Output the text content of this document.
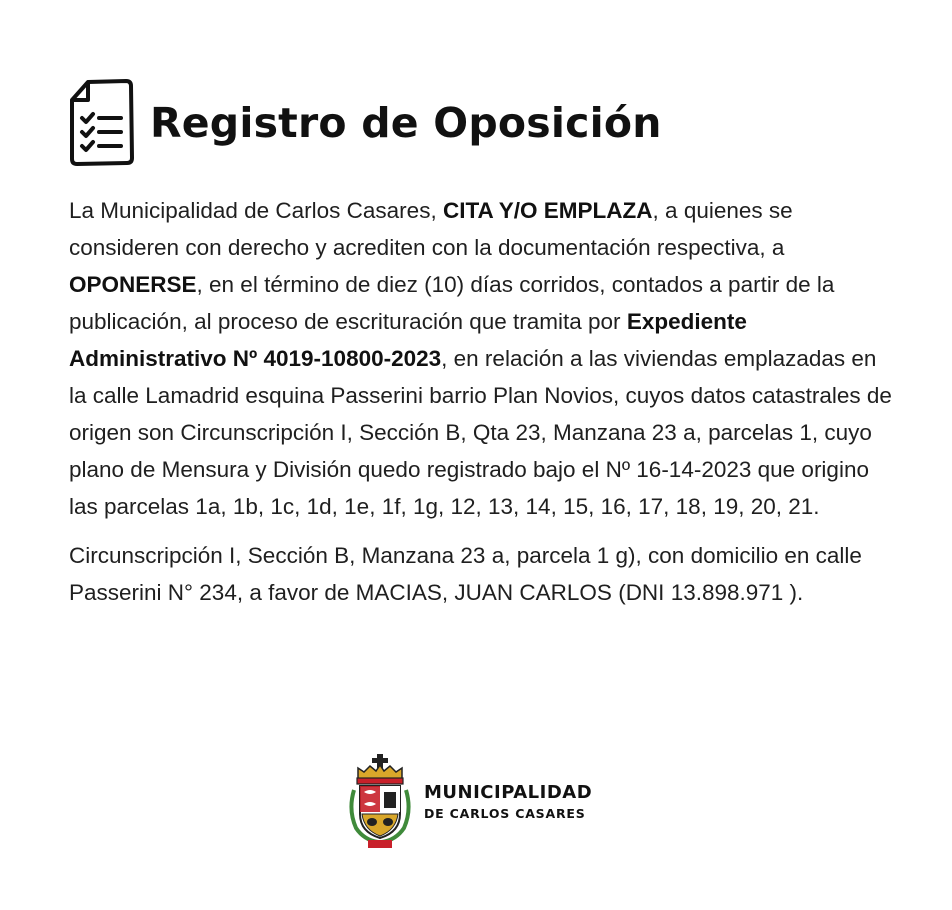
Registro de Oposición

La Municipalidad de Carlos Casares, CITA Y/O EMPLAZA, a quienes se consideren con derecho y acrediten con la documentación respectiva, a OPONERSE, en el término de diez (10) días corridos, contados a partir de la publicación, al proceso de escrituración que tramita por Expediente Administrativo Nº 4019-10800-2023, en relación a las viviendas emplazadas en la calle Lamadrid esquina Passerini barrio Plan Novios, cuyos datos catastrales de origen son Circunscripción I, Sección B, Qta 23, Manzana 23 a, parcelas 1, cuyo plano de Mensura y División quedo registrado bajo el Nº 16-14-2023 que origino las parcelas 1a, 1b, 1c, 1d, 1e, 1f, 1g, 12, 13, 14, 15, 16, 17, 18, 19, 20, 21.

Circunscripción I, Sección B, Manzana 23 a, parcela 1 g), con domicilio en calle Passerini N° 234, a favor de MACIAS, JUAN CARLOS (DNI 13.898.971 ).

MUNICIPALIDAD
DE CARLOS CASARES
